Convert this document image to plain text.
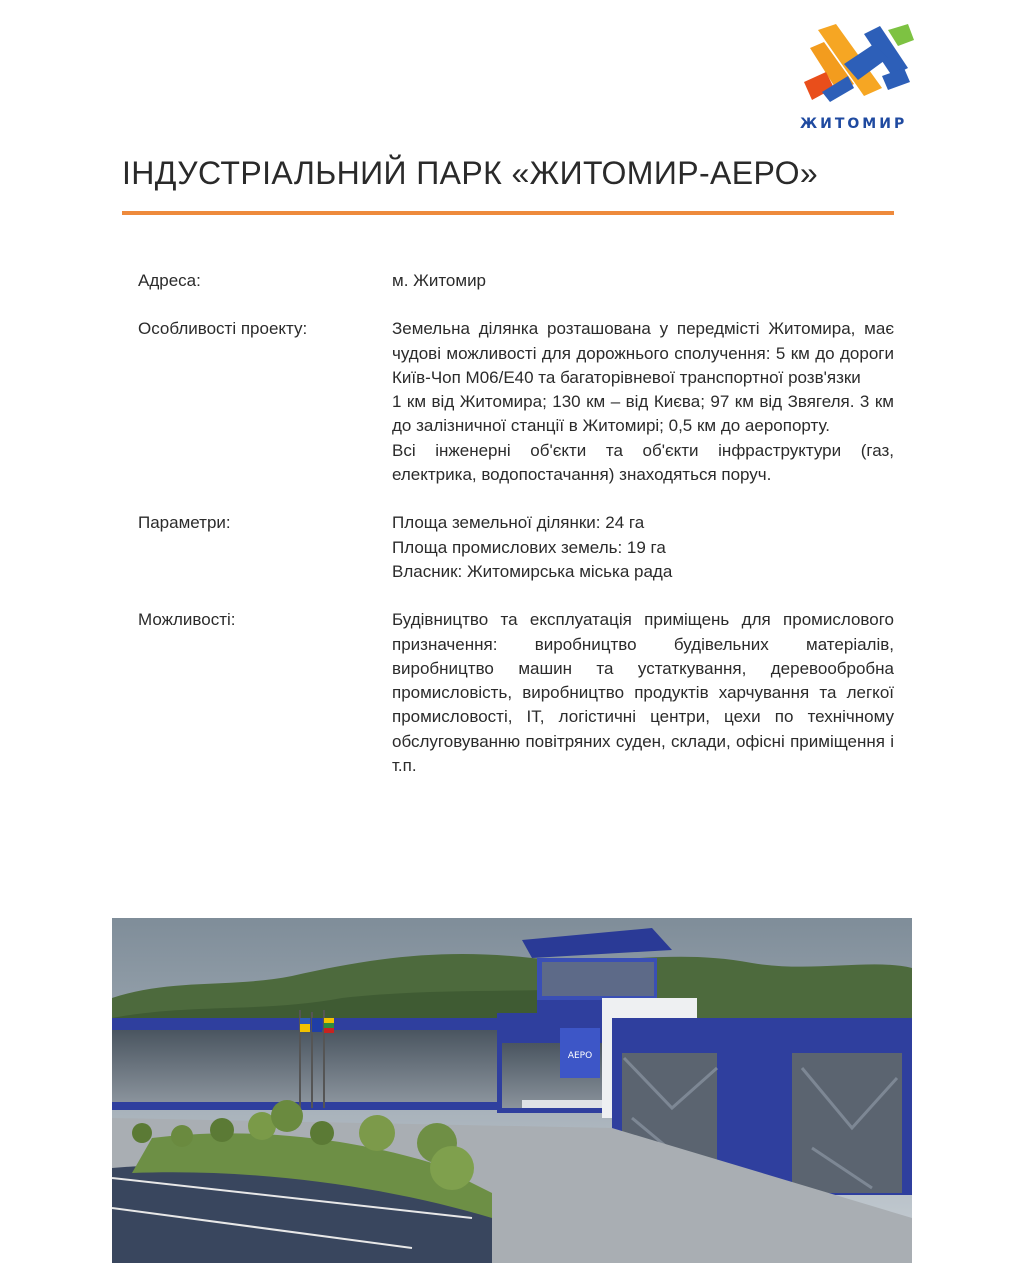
ЖИТОМИР
ІНДУСТРІАЛЬНИЙ ПАРК «ЖИТОМИР-АЕРО»
Адреса:	м. Житомир
Особливості проекту:	Земельна ділянка розташована у передмісті Житомира, має чудові можливості для дорожнього сполучення: 5 км до дороги Київ-Чоп М06/Е40 та багаторівневої транспортної розв'язки

1 км від Житомира; 130 км – від Києва; 97 км від Звягеля. 3 км до залізничної станції в Житомирі; 0,5 км до аеропорту.

Всі інженерні об'єкти та об'єкти інфраструктури (газ, електрика, водопостачання) знаходяться поруч.

Параметри:	Площа земельної ділянки: 24 га

Площа промислових земель: 19 га

Власник: Житомирська міська рада

Можливості:	Будівництво та експлуатація приміщень для промислового призначення: виробництво будівельних матеріалів, виробництво машин та устаткування, деревообробна промисловість, виробництво продуктів харчування та легкої промисловості, IT, логістичні центри, цехи по технічному обслуговуванню повітряних суден, склади, офісні приміщення і т.п.
АЕРО
